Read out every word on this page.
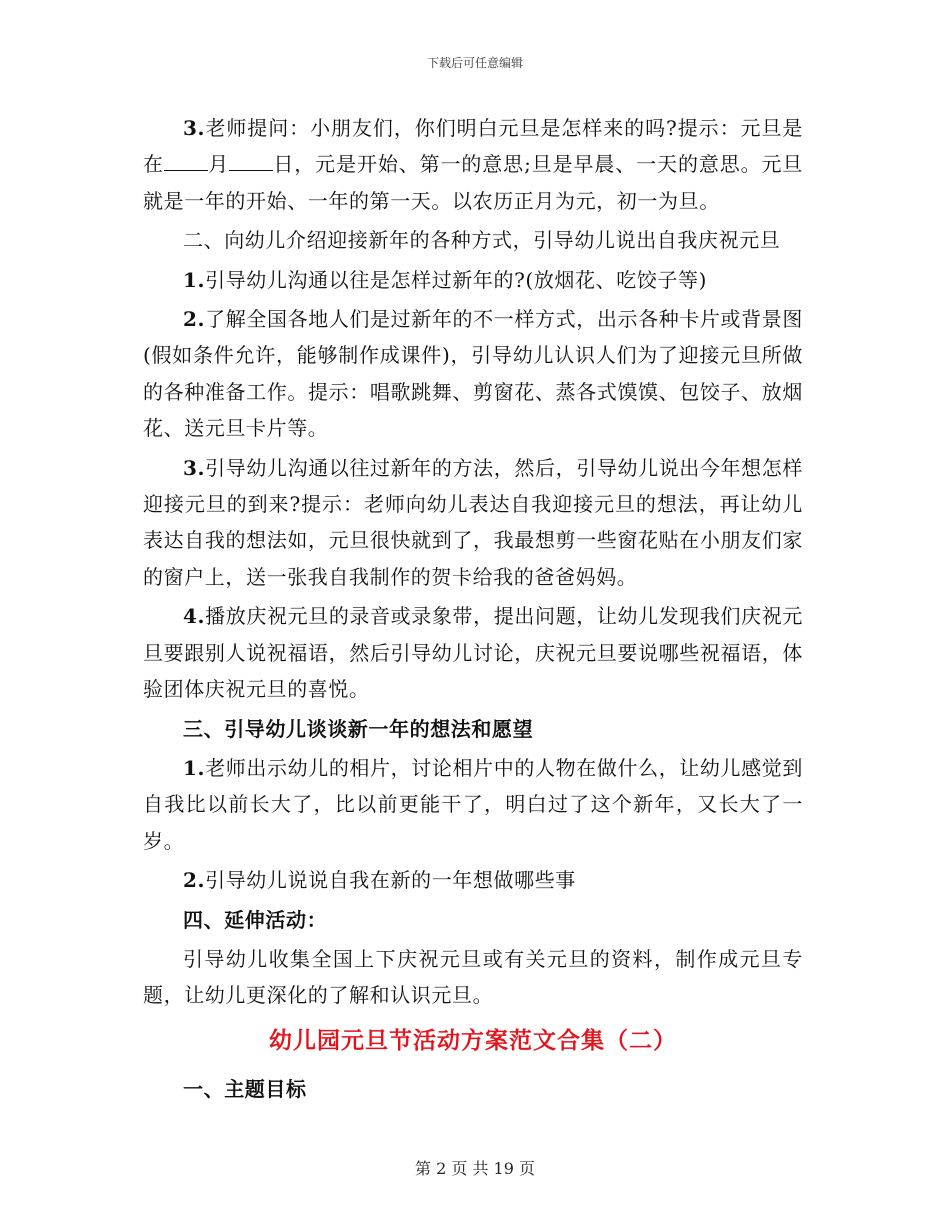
下载后可任意编辑

3.老师提问：小朋友们，你们明白元旦是怎样来的吗?提示：元旦是在 月 日，元是开始、第一的意思;旦是早晨、一天的意思。元旦就是一年的开始、一年的第一天。以农历正月为元，初一为旦。

二、向幼儿介绍迎接新年的各种方式，引导幼儿说出自我庆祝元旦

1.引导幼儿沟通以往是怎样过新年的?(放烟花、吃饺子等)

2.了解全国各地人们是过新年的不一样方式，出示各种卡片或背景图(假如条件允许，能够制作成课件)，引导幼儿认识人们为了迎接元旦所做的各种准备工作。提示：唱歌跳舞、剪窗花、蒸各式馍馍、包饺子、放烟花、送元旦卡片等。

3.引导幼儿沟通以往过新年的方法，然后，引导幼儿说出今年想怎样迎接元旦的到来?提示：老师向幼儿表达自我迎接元旦的想法，再让幼儿表达自我的想法如，元旦很快就到了，我最想剪一些窗花贴在小朋友们家的窗户上，送一张我自我制作的贺卡给我的爸爸妈妈。

4.播放庆祝元旦的录音或录象带，提出问题，让幼儿发现我们庆祝元旦要跟别人说祝福语，然后引导幼儿讨论，庆祝元旦要说哪些祝福语，体验团体庆祝元旦的喜悦。

三、引导幼儿谈谈新一年的想法和愿望

1.老师出示幼儿的相片，讨论相片中的人物在做什么，让幼儿感觉到自我比以前长大了，比以前更能干了，明白过了这个新年，又长大了一岁。

2.引导幼儿说说自我在新的一年想做哪些事

四、延伸活动：

引导幼儿收集全国上下庆祝元旦或有关元旦的资料，制作成元旦专题，让幼儿更深化的了解和认识元旦。

幼儿园元旦节活动方案范文合集（二）

一、主题目标

第 2 页 共 19 页
